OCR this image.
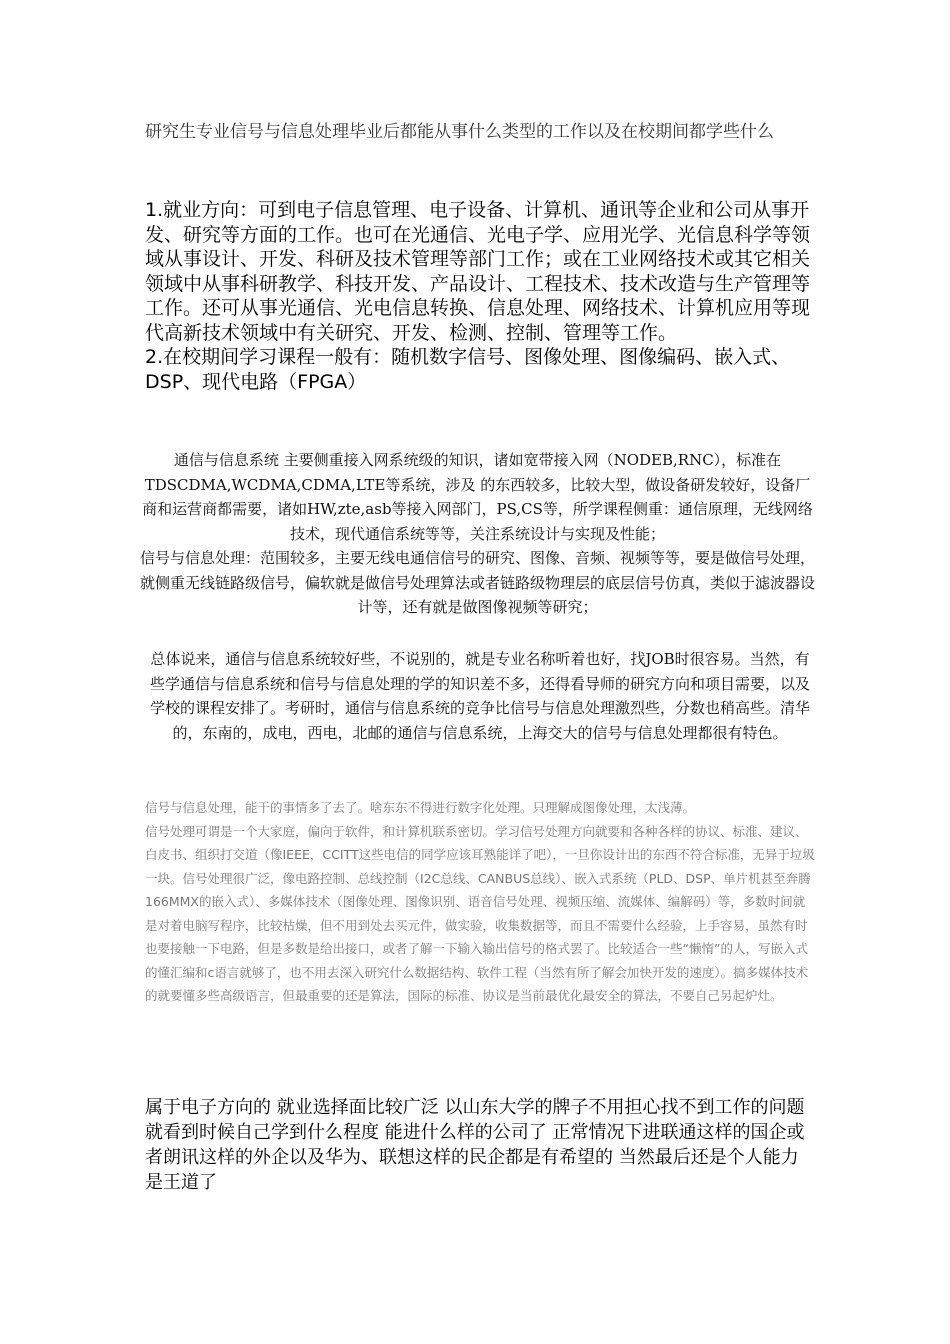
研究生专业信号与信息处理毕业后都能从事什么类型的工作以及在校期间都学些什么

1.就业方向：可到电子信息管理、电子设备、计算机、通讯等企业和公司从事开发、研究等方面的工作。也可在光通信、光电子学、应用光学、光信息科学等领域从事设计、开发、科研及技术管理等部门工作；或在工业网络技术或其它相关领域中从事科研教学、科技开发、产品设计、工程技术、技术改造与生产管理等工作。还可从事光通信、光电信息转换、信息处理、网络技术、计算机应用等现代高新技术领域中有关研究、开发、检测、控制、管理等工作。

2.在校期间学习课程一般有：随机数字信号、图像处理、图像编码、嵌入式、DSP、现代电路（FPGA）

通信与信息系统 主要侧重接入网系统级的知识，诸如宽带接入网（NODEB,RNC），标准在TDSCDMA,WCDMA,CDMA,LTE等系统，涉及 的东西较多，比较大型，做设备研发较好，设备厂商和运营商都需要，诸如HW,zte,asb等接入网部门，PS,CS等，所学课程侧重：通信原理，无线网络技术，现代通信系统等等，关注系统设计与实现及性能；

信号与信息处理：范围较多，主要无线电通信信号的研究、图像、音频、视频等等，要是做信号处理，就侧重无线链路级信号，偏软就是做信号处理算法或者链路级物理层的底层信号仿真，类似于滤波器设计等，还有就是做图像视频等研究；

总体说来，通信与信息系统较好些，不说别的，就是专业名称听着也好，找JOB时很容易。当然，有些学通信与信息系统和信号与信息处理的学的知识差不多，还得看导师的研究方向和项目需要，以及学校的课程安排了。考研时，通信与信息系统的竞争比信号与信息处理激烈些，分数也稍高些。清华的，东南的，成电，西电，北邮的通信与信息系统，上海交大的信号与信息处理都很有特色。

信号与信息处理，能干的事情多了去了。啥东东不得进行数字化处理。只理解成图像处理，太浅薄。

信号处理可谓是一个大家庭，偏向于软件，和计算机联系密切。学习信号处理方向就要和各种各样的协议、标准、建议、白皮书、组织打交道（像IEEE，CCITT这些电信的同学应该耳熟能详了吧），一旦你设计出的东西不符合标准，无异于垃圾一块。信号处理很广泛，像电路控制、总线控制（I2C总线、CANBUS总线）、嵌入式系统（PLD、DSP、单片机甚至奔腾166MMX的嵌入式）、多媒体技术（图像处理、图像识别、语音信号处理、视频压缩、流媒体、编解码）等，多数时间就是对着电脑写程序，比较枯燥，但不用到处去买元件，做实验，收集数据等，而且不需要什么经验，上手容易，虽然有时也要接触一下电路，但是多数是给出接口，或者了解一下输入输出信号的格式罢了。比较适合一些“懒惰”的人，写嵌入式的懂汇编和c语言就够了，也不用去深入研究什么数据结构、软件工程（当然有所了解会加快开发的速度）。搞多媒体技术的就要懂多些高级语言，但最重要的还是算法，国际的标准、协议是当前最优化最安全的算法，不要自己另起炉灶。

属于电子方向的 就业选择面比较广泛 以山东大学的牌子不用担心找不到工作的问题 就看到时候自己学到什么程度 能进什么样的公司了 正常情况下进联通这样的国企或者朗讯这样的外企以及华为、联想这样的民企都是有希望的 当然最后还是个人能力是王道了
